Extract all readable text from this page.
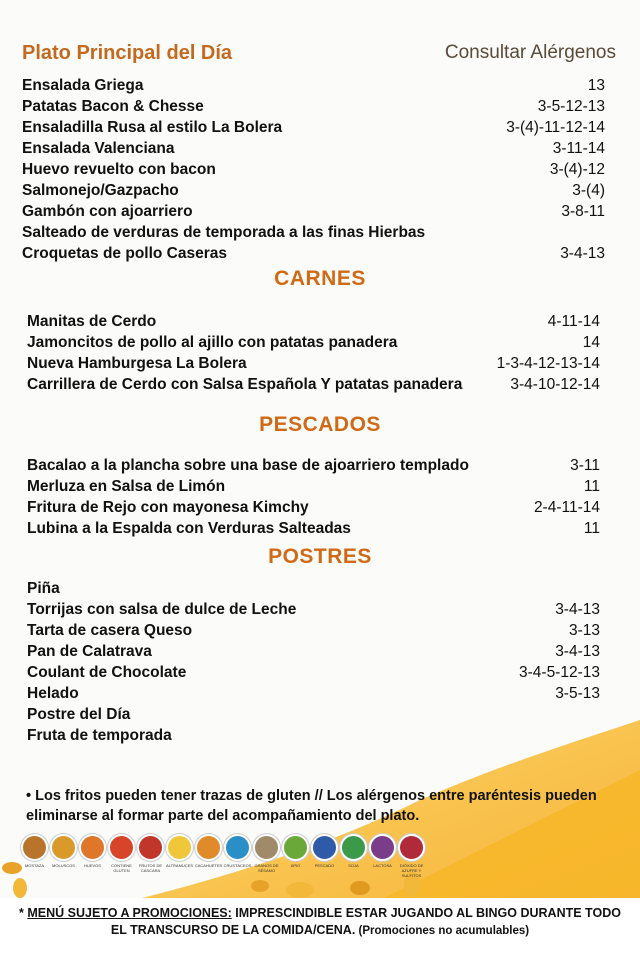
Plato Principal del Día	Consultar Alérgenos
Ensalada Griega	13
Patatas Bacon & Chesse	3-5-12-13
Ensaladilla Rusa al estilo La Bolera	3-(4)-11-12-14
Ensalada Valenciana	3-11-14
Huevo revuelto con bacon	3-(4)-12
Salmonejo/Gazpacho	3-(4)
Gambón con ajoarriero	3-8-11
Salteado de verduras de temporada a las finas Hierbas
Croquetas de pollo Caseras	3-4-13
CARNES
Manitas de Cerdo	4-11-14
Jamoncitos de pollo al ajillo con patatas panadera	14
Nueva Hamburgesa La Bolera	1-3-4-12-13-14
Carrillera de Cerdo con Salsa Española Y patatas panadera	3-4-10-12-14
PESCADOS
Bacalao a la plancha sobre una base de ajoarriero templado	3-11
Merluza en Salsa de Limón	11
Fritura de Rejo con mayonesa Kimchy	2-4-11-14
Lubina a la Espalda con Verduras Salteadas	11
POSTRES
Piña
Torrijas con salsa de dulce de Leche	3-4-13
Tarta de casera Queso	3-13
Pan de Calatrava	3-4-13
Coulant de Chocolate	3-4-5-12-13
Helado	3-5-13
Postre del Día
Fruta de temporada
• Los fritos pueden tener trazas de gluten // Los alérgenos entre paréntesis pueden eliminarse al formar parte del acompañamiento del plato.
MOSTAZA MOLUSCOS HUEVOS	CONTIENE GLUTEN
FRUTOS DE CÁSCARA
ALTRAMUCES CACAHUETES CRUSTÁCEOS GRANOS DE SÉSAMO
APIO	PESCADO	SOJA	LACTOSA DIÓXIDO DE AZUFRE Y SULFITOS
* MENÚ SUJETO A PROMOCIONES: IMPRESCINDIBLE ESTAR JUGANDO AL BINGO DURANTE TODO
EL TRANSCURSO DE LA COMIDA/CENA. (Promociones no acumulables)
